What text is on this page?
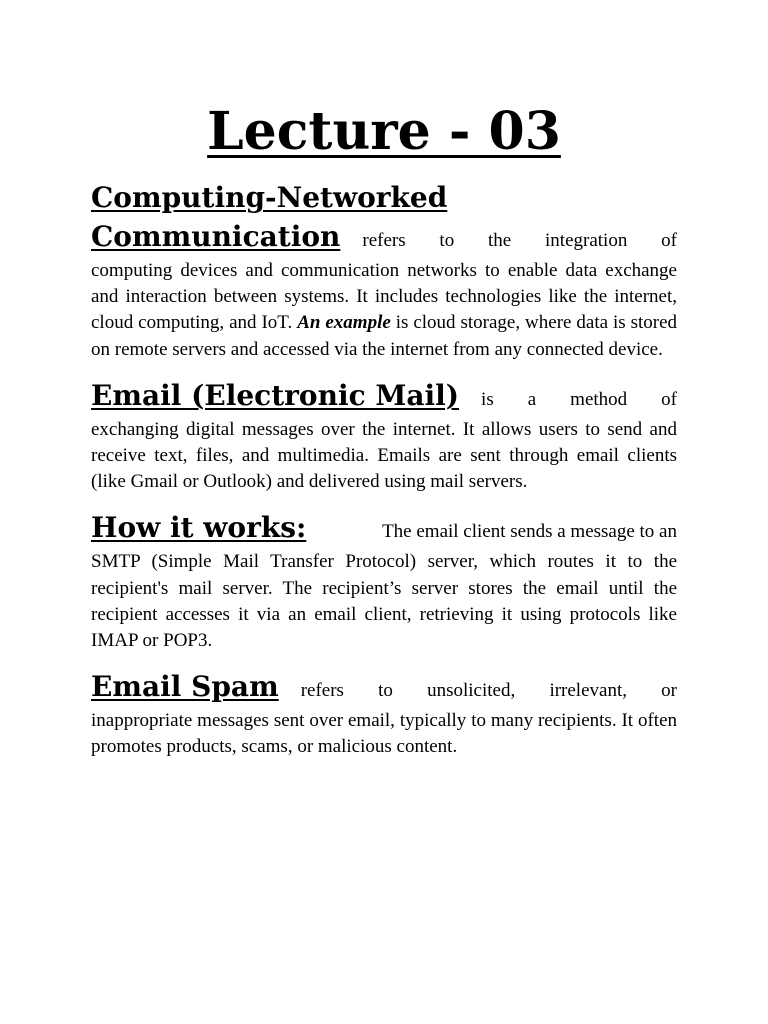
Lecture - 03
Computing-Networked
Communication refers to the integration of

computing devices and communication networks to enable data exchange and interaction between systems. It includes technologies like the internet, cloud computing, and IoT. An example is cloud storage, where data is stored on remote servers and accessed via the internet from any connected device.

Email (Electronic Mail) is a method of

exchanging digital messages over the internet. It allows users to send and receive text, files, and multimedia. Emails are sent through email clients (like Gmail or Outlook) and delivered using mail servers.

How it works:	The email client sends a message to an

SMTP (Simple Mail Transfer Protocol) server, which routes it to the recipient's mail server. The recipient’s server stores the email until the recipient accesses it via an email client, retrieving it using protocols like IMAP or POP3.

Email Spam refers to unsolicited, irrelevant, or

inappropriate messages sent over email, typically to many recipients. It often promotes products, scams, or malicious content.
